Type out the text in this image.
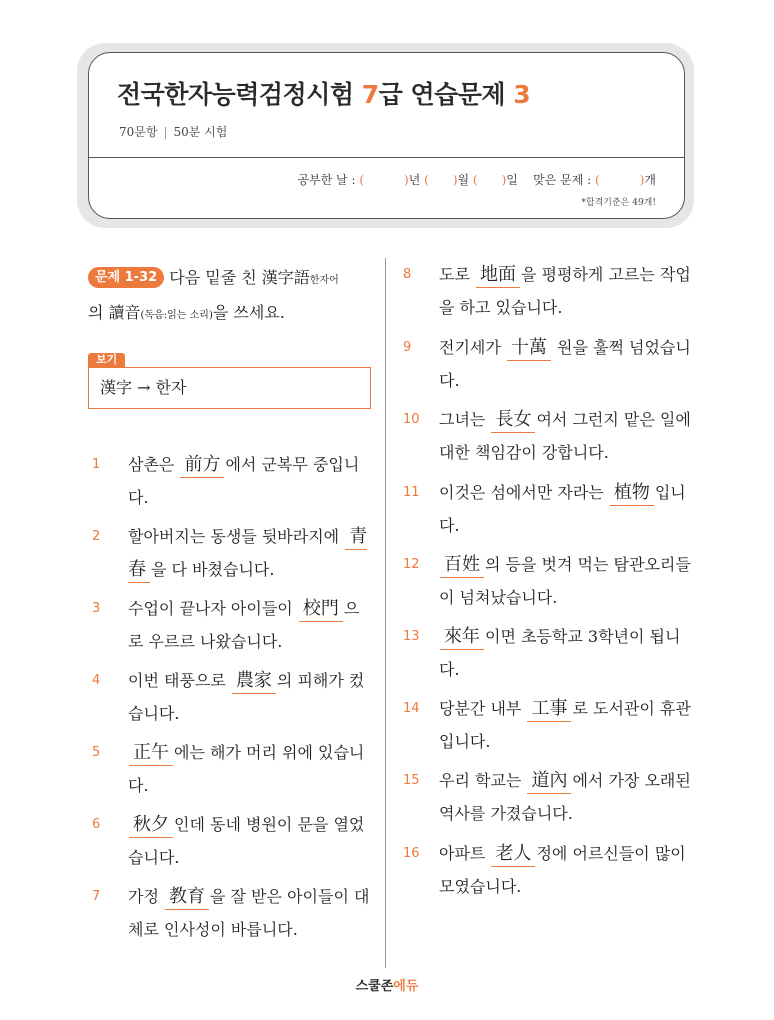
전국한자능력검정시험 7급 연습문제 3
70문항 | 50분 시험
공부한 날 : (	)년 ( )월 ( )일 맞은 문제 : (	)개
*합격기준은 49개!
문제 1-32 다음 밑줄 친 漢字語한자어
의 讀音(독음:읽는 소리)을 쓰세요.
보기
漢字 → 한자
1 삼촌은 前方 에서 군복무 중입니다.
2 할아버지는 동생들 뒷바라지에 青春 을 다 바쳤습니다.
3 수업이 끝나자 아이들이 校門 으로 우르르 나왔습니다.
4 이번 태풍으로 農家 의 피해가 컸습니다.
5 正午 에는 해가 머리 위에 있습니다.
6 秋夕 인데 동네 병원이 문을 열었습니다.
7 가정 教育 을 잘 받은 아이들이 대체로 인사성이 바릅니다.
8 도로 地面 을 평평하게 고르는 작업을 하고 있습니다.
9 전기세가 十萬 원을 훌쩍 넘었습니다.
10 그녀는 長女 여서 그런지 맡은 일에 대한 책임감이 강합니다.
11 이것은 섬에서만 자라는 植物 입니다.
12 百姓 의 등을 벗겨 먹는 탐관오리들이 넘쳐났습니다.
13 來年 이면 초등학교 3학년이 됩니다.
14 당분간 내부 工事 로 도서관이 휴관입니다.
15 우리 학교는 道內 에서 가장 오래된 역사를 가졌습니다.
16 아파트 老人 정에 어르신들이 많이 모였습니다.
스쿨존에듀
